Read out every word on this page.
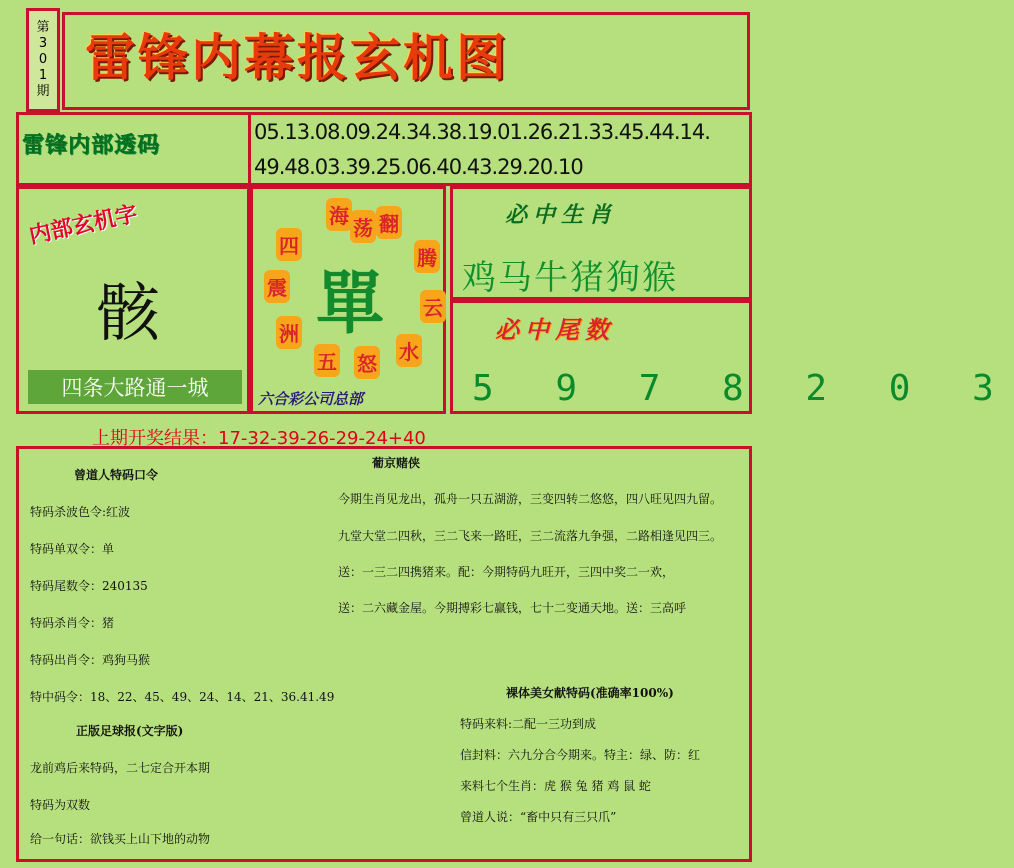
第
3
0
1
期
雷锋内幕报玄机图
雷锋内部透码	05.13.08.09.24.34.38.19.01.26.21.33.45.44.14.
49.48.03.39.25.06.40.43.29.20.10
内部玄机字
骸
四条大路通一城
四
海 翻
腾
云
水
怒
五
洲
震
荡
單
六合彩公司总部
必中生肖
鸡马牛猪狗猴
必中尾数
5 9 7 8 2 0 3
上期开奖结果：17-32-39-26-29-24+40
曾道人特码口令
特码杀波色令:红波
特码单双令：单
特码尾数令：240135
特码杀肖令：猪
特码出肖令：鸡狗马猴
特中码令：18、22、45、49、24、14、21、36.41.49
正版足球报(文字版)
龙前鸡后来特码，二七定合开本期
特码为双数
给一句话：欲钱买上山下地的动物
葡京赌侠
今期生肖见龙出，孤舟一只五湖游，三变四转二悠悠，四八旺见四九留。
九堂大堂二四秋，三二飞来一路旺，三二流落九争强，二路相逢见四三。
送：一三二四携猪来。配：今期特码九旺开，三四中奖二一欢，
送：二六藏金屋。今期搏彩七赢钱，七十二变通天地。送：三高呼
裸体美女献特码(准确率100%)
特码来料:二配一三功到成
信封料：六九分合今期来。特主：绿、防：红
来料七个生肖：虎 猴 兔 猪 鸡 鼠 蛇
曾道人说：“畜中只有三只爪”
